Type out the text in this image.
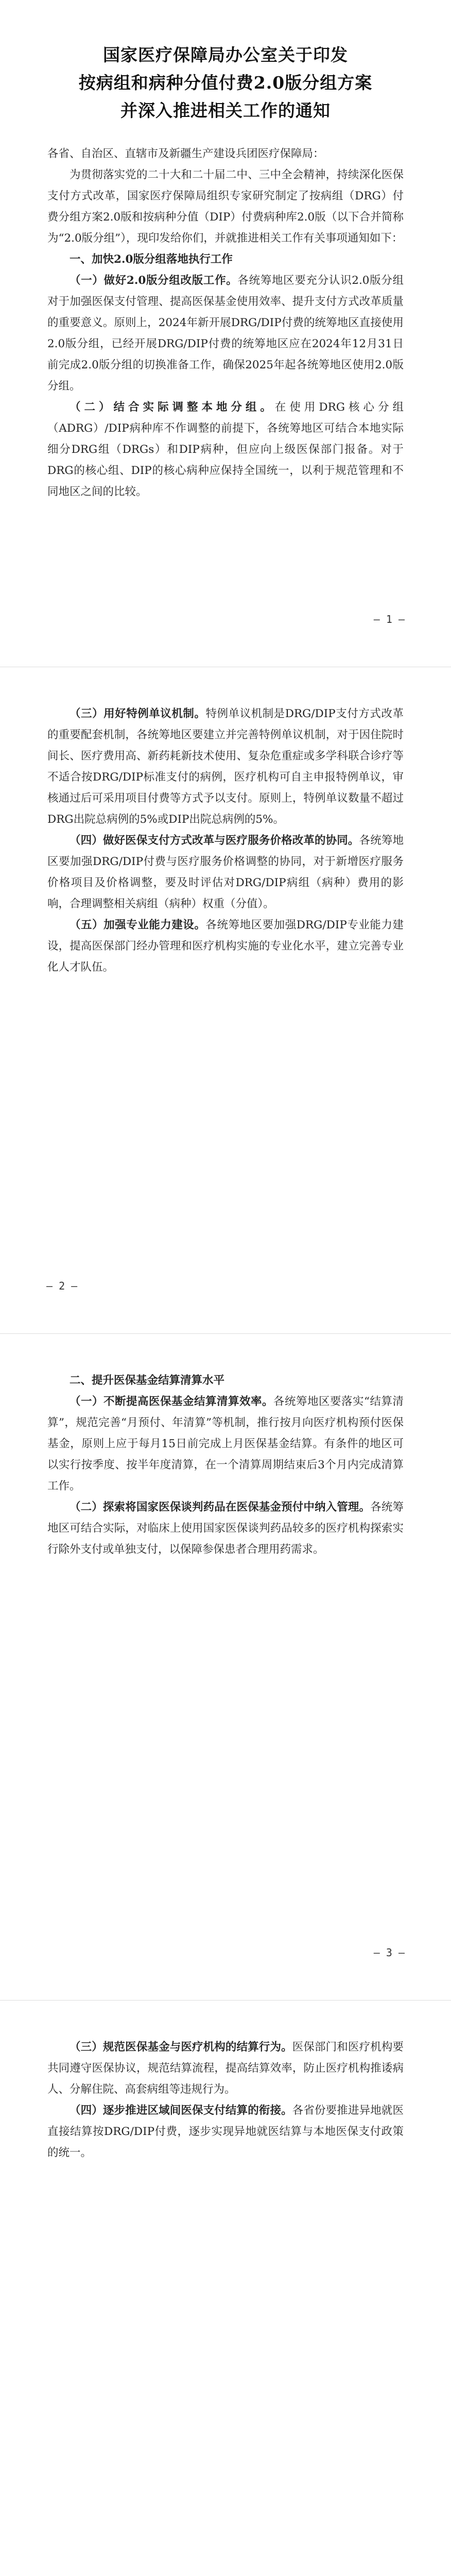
国家医疗保障局办公室关于印发
按病组和病种分值付费2.0版分组方案
并深入推进相关工作的通知

各省、自治区、直辖市及新疆生产建设兵团医疗保障局：

为贯彻落实党的二十大和二十届二中、三中全会精神，持续深化医保支付方式改革，国家医疗保障局组织专家研究制定了按病组（DRG）付费分组方案2.0版和按病种分值（DIP）付费病种库2.0版（以下合并简称为“2.0版分组”），现印发给你们，并就推进相关工作有关事项通知如下：

一、加快2.0版分组落地执行工作

（一）做好2.0版分组改版工作。各统筹地区要充分认识2.0版分组对于加强医保支付管理、提高医保基金使用效率、提升支付方式改革质量的重要意义。原则上，2024年新开展DRG/DIP付费的统筹地区直接使用2.0版分组，已经开展DRG/DIP付费的统筹地区应在2024年12月31日前完成2.0版分组的切换准备工作，确保2025年起各统筹地区使用2.0版分组。

（二）结合实际调整本地分组。在使用DRG核心分组（ADRG）/DIP病种库不作调整的前提下，各统筹地区可结合本地实际细分DRG组（DRGs）和DIP病种，但应向上级医保部门报备。对于DRG的核心组、DIP的核心病种应保持全国统一，以利于规范管理和不同地区之间的比较。

— 1 —

（三）用好特例单议机制。特例单议机制是DRG/DIP支付方式改革的重要配套机制，各统筹地区要建立并完善特例单议机制，对于因住院时间长、医疗费用高、新药耗新技术使用、复杂危重症或多学科联合诊疗等不适合按DRG/DIP标准支付的病例，医疗机构可自主申报特例单议，审核通过后可采用项目付费等方式予以支付。原则上，特例单议数量不超过DRG出院总病例的5%或DIP出院总病例的5%。

（四）做好医保支付方式改革与医疗服务价格改革的协同。各统筹地区要加强DRG/DIP付费与医疗服务价格调整的协同，对于新增医疗服务价格项目及价格调整，要及时评估对DRG/DIP病组（病种）费用的影响，合理调整相关病组（病种）权重（分值）。

（五）加强专业能力建设。各统筹地区要加强DRG/DIP专业能力建设，提高医保部门经办管理和医疗机构实施的专业化水平，建立完善专业化人才队伍。

— 2 —

二、提升医保基金结算清算水平

（一）不断提高医保基金结算清算效率。各统筹地区要落实“结算清算”，规范完善“月预付、年清算”等机制，推行按月向医疗机构预付医保基金，原则上应于每月15日前完成上月医保基金结算。有条件的地区可以实行按季度、按半年度清算，在一个清算周期结束后3个月内完成清算工作。

（二）探索将国家医保谈判药品在医保基金预付中纳入管理。各统筹地区可结合实际，对临床上使用国家医保谈判药品较多的医疗机构探索实行除外支付或单独支付，以保障参保患者合理用药需求。

— 3 —

（三）规范医保基金与医疗机构的结算行为。医保部门和医疗机构要共同遵守医保协议，规范结算流程，提高结算效率，防止医疗机构推诿病人、分解住院、高套病组等违规行为。

（四）逐步推进区域间医保支付结算的衔接。各省份要推进异地就医直接结算按DRG/DIP付费，逐步实现异地就医结算与本地医保支付政策的统一。
